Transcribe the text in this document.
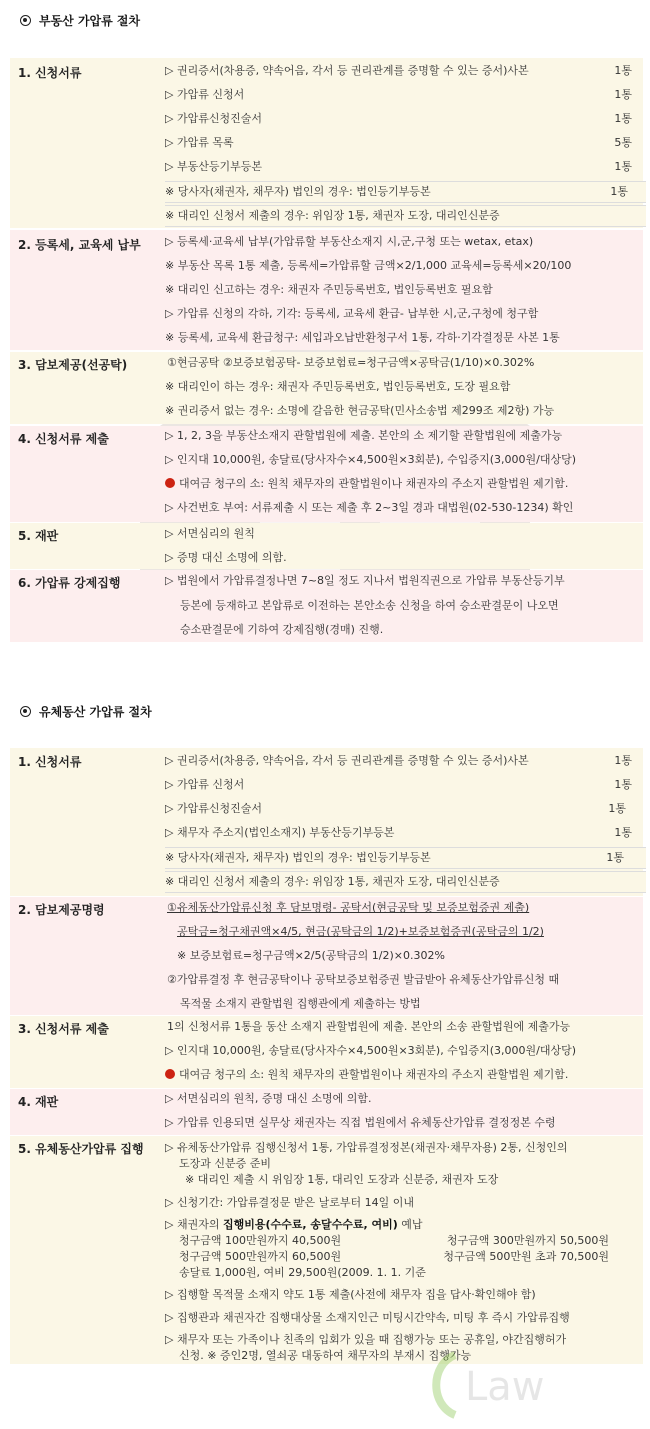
부동산 가압류 절차
1. 신청서류	▷ 권리증서(차용증, 약속어음, 각서 등 권리관계를 증명할 수 있는 증서)사본	1통
▷ 가압류 신청서	1통
▷ 가압류신청진술서	1통
▷ 가압류 목록	5통
▷ 부동산등기부등본	1통
※ 당사자(채권자, 채무자) 법인의 경우: 법인등기부등본	1통
※ 대리인 신청서 제출의 경우: 위임장 1통, 채권자 도장, 대리인신분증
2. 등록세, 교육세 납부 ▷ 등록세·교육세 납부(가압류할 부동산소재지 시,군,구청 또는 wetax, etax)
※ 부동산 목록 1통 제출, 등록세=가압류할 금액×2/1,000 교육세=등록세×20/100
※ 대리인 신고하는 경우: 채권자 주민등록번호, 법인등록번호 필요함
▷ 가압류 신청의 각하, 기각: 등록세, 교육세 환급- 납부한 시,군,구청에 청구함
※ 등록세, 교육세 환급청구: 세입과오납반환청구서 1통, 각하·기각결정문 사본 1통
3. 담보제공(선공탁)	①현금공탁 ②보증보험공탁- 보증보험료=청구금액×공탁금(1/10)×0.302%
※ 대리인이 하는 경우: 채권자 주민등록번호, 법인등록번호, 도장 필요함
※ 권리증서 없는 경우: 소명에 갈음한 현금공탁(민사소송법 제299조 제2항) 가능
4. 신청서류 제출	▷ 1, 2, 3을 부동산소재지 관할법원에 제출. 본안의 소 제기할 관할법원에 제출가능
▷ 인지대 10,000원, 송달료(당사자수×4,500원×3회분), 수입증지(3,000원/대상당)
대여금 청구의 소: 원칙 채무자의 관할법원이나 채권자의 주소지 관할법원 제기함.
▷ 사건번호 부여: 서류제출 시 또는 제출 후 2~3일 경과 대법원(02-530-1234) 확인
5. 재판	▷ 서면심리의 원칙
▷ 증명 대신 소명에 의함.
6. 가압류 강제집행	▷ 법원에서 가압류결정나면 7~8일 정도 지나서 법원직권으로 가압류 부동산등기부
등본에 등재하고 본압류로 이전하는 본안소송 신청을 하여 승소판결문이 나오면
승소판결문에 기하여 강제집행(경매) 진행.
유체동산 가압류 절차
1. 신청서류	▷ 권리증서(차용증, 약속어음, 각서 등 권리관계를 증명할 수 있는 증서)사본	1통
▷ 가압류 신청서	1통
▷ 가압류신청진술서	1통
▷ 채무자 주소지(법인소재지) 부동산등기부등본	1통
※ 당사자(채권자, 채무자) 법인의 경우: 법인등기부등본	1통
※ 대리인 신청서 제출의 경우: 위임장 1통, 채권자 도장, 대리인신분증
2. 담보제공명령	①유체동산가압류신청 후 담보명령- 공탁서(현금공탁 및 보증보험증권 제출)
공탁금=청구채권액×4/5, 현금(공탁금의 1/2)+보증보험증권(공탁금의 1/2)
※ 보증보험료=청구금액×2/5(공탁금의 1/2)×0.302%
②가압류결정 후 현금공탁이나 공탁보증보험증권 발급받아 유체동산가압류신청 때
목적물 소재지 관할법원 집행관에게 제출하는 방법
3. 신청서류 제출	1의 신청서류 1통을 동산 소재지 관할법원에 제출. 본안의 소송 관할법원에 제출가능
▷ 인지대 10,000원, 송달료(당사자수×4,500원×3회분), 수입증지(3,000원/대상당)
대여금 청구의 소: 원칙 채무자의 관할법원이나 채권자의 주소지 관할법원 제기함.
4. 재판	▷ 서면심리의 원칙, 증명 대신 소명에 의함.
▷ 가압류 인용되면 실무상 채권자는 직접 법원에서 유체동산가압류 결정정본 수령
5. 유체동산가압류 집행 ▷ 유체동산가압류 집행신청서 1통, 가압류결정정본(채권자·채무자용) 2통, 신청인의
도장과 신분증 준비
※ 대리인 제출 시 위임장 1통, 대리인 도장과 신분증, 채권자 도장
▷ 신청기간: 가압류결정문 받은 날로부터 14일 이내
▷ 채권자의 집행비용(수수료, 송달수수료, 여비) 예납
청구금액 100만원까지 40,500원	청구금액 300만원까지 50,500원
청구금액 500만원까지 60,500원	청구금액 500만원 초과 70,500원
송달료 1,000원, 여비 29,500원(2009. 1. 1. 기준
▷ 집행할 목적물 소재지 약도 1통 제출(사전에 채무자 집을 답사·확인해야 함)
▷ 집행관과 채권자간 집행대상물 소재지인근 미팅시간약속, 미팅 후 즉시 가압류집행
▷ 채무자 또는 가족이나 친족의 입회가 있을 때 집행가능 또는 공휴일, 야간집행허가
신청. ※ 증인2명, 열쇠공 대동하여 채무자의 부재시 집행가능
Law
